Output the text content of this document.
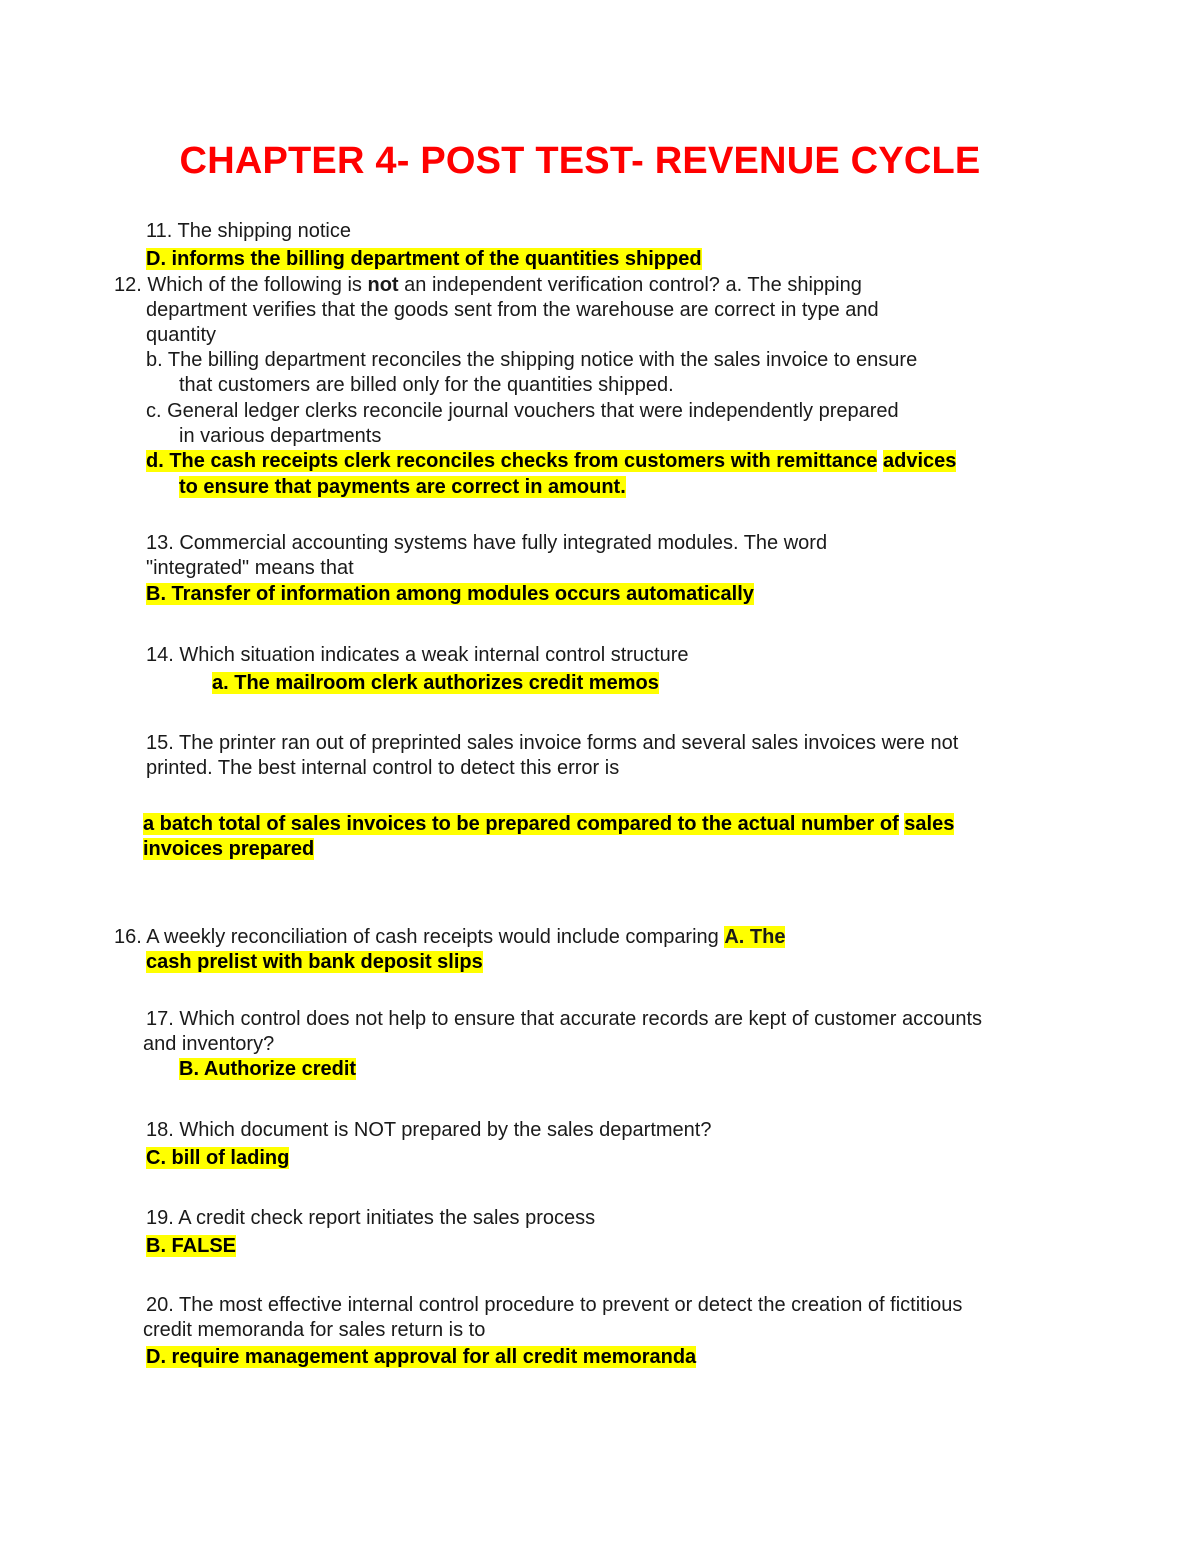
CHAPTER 4- POST TEST- REVENUE CYCLE

11. The shipping notice

D. informs the billing department of the quantities shipped

12. Which of the following is not an independent verification control? a. The shipping

department verifies that the goods sent from the warehouse are correct in type and

quantity

b. The billing department reconciles the shipping notice with the sales invoice to ensure

that customers are billed only for the quantities shipped.

c. General ledger clerks reconcile journal vouchers that were independently prepared

in various departments

d. The cash receipts clerk reconciles checks from customers with remittance advices

to ensure that payments are correct in amount.

13. Commercial accounting systems have fully integrated modules. The word

"integrated" means that

B. Transfer of information among modules occurs automatically

14. Which situation indicates a weak internal control structure

a. The mailroom clerk authorizes credit memos

15. The printer ran out of preprinted sales invoice forms and several sales invoices were not

printed. The best internal control to detect this error is

a batch total of sales invoices to be prepared compared to the actual number of sales

invoices prepared

16. A weekly reconciliation of cash receipts would include comparing A. The

cash prelist with bank deposit slips

17. Which control does not help to ensure that accurate records are kept of customer accounts

and inventory?

B. Authorize credit

18. Which document is NOT prepared by the sales department?

C. bill of lading

19. A credit check report initiates the sales process

B. FALSE

20. The most effective internal control procedure to prevent or detect the creation of fictitious

credit memoranda for sales return is to

D. require management approval for all credit memoranda
